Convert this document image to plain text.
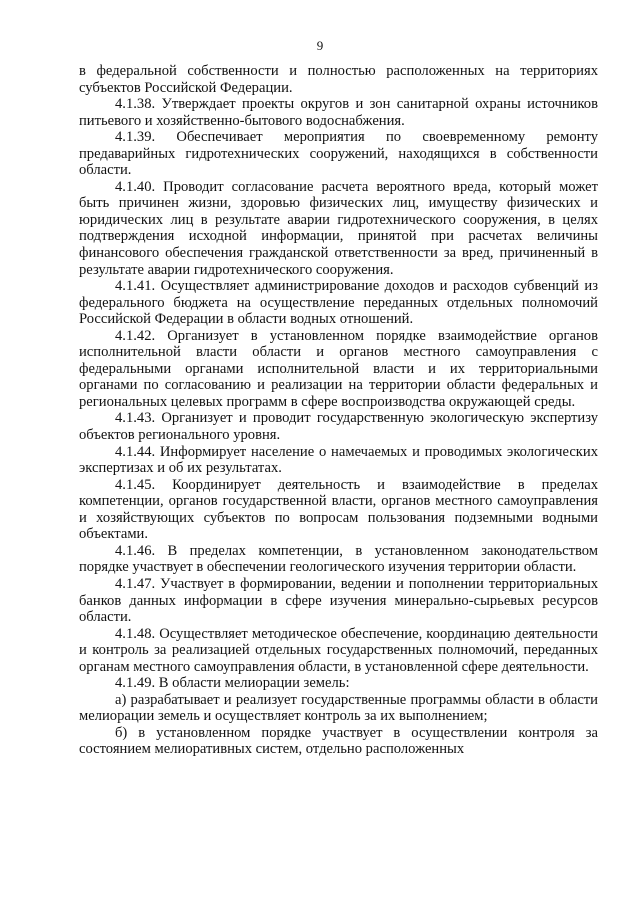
9

в федеральной собственности и полностью расположенных на территориях субъектов Российской Федерации.

4.1.38. Утверждает проекты округов и зон санитарной охраны источников питьевого и хозяйственно-бытового водоснабжения.

4.1.39. Обеспечивает мероприятия по своевременному ремонту предаварийных гидротехнических сооружений, находящихся в собственности области.

4.1.40. Проводит согласование расчета вероятного вреда, который может быть причинен жизни, здоровью физических лиц, имуществу физических и юридических лиц в результате аварии гидротехнического сооружения, в целях подтверждения исходной информации, принятой при расчетах величины финансового обеспечения гражданской ответственности за вред, причиненный в результате аварии гидротехнического сооружения.

4.1.41. Осуществляет администрирование доходов и расходов субвенций из федерального бюджета на осуществление переданных отдельных полномочий Российской Федерации в области водных отношений.

4.1.42. Организует в установленном порядке взаимодействие органов исполнительной власти области и органов местного самоуправления с федеральными органами исполнительной власти и их территориальными органами по согласованию и реализации на территории области федеральных и региональных целевых программ в сфере воспроизводства окружающей среды.

4.1.43. Организует и проводит государственную экологическую экспертизу объектов регионального уровня.

4.1.44. Информирует население о намечаемых и проводимых экологических экспертизах и об их результатах.

4.1.45. Координирует деятельность и взаимодействие в пределах компетенции, органов государственной власти, органов местного самоуправления и хозяйствующих субъектов по вопросам пользования подземными водными объектами.

4.1.46. В пределах компетенции, в установленном законодательством порядке участвует в обеспечении геологического изучения территории области.

4.1.47. Участвует в формировании, ведении и пополнении территориальных банков данных информации в сфере изучения минерально-сырьевых ресурсов области.

4.1.48. Осуществляет методическое обеспечение, координацию деятельности и контроль за реализацией отдельных государственных полномочий, переданных органам местного самоуправления области, в установленной сфере деятельности.

4.1.49. В области мелиорации земель:

а) разрабатывает и реализует государственные программы области в области мелиорации земель и осуществляет контроль за их выполнением;

б) в установленном порядке участвует в осуществлении контроля за состоянием мелиоративных систем, отдельно расположенных
